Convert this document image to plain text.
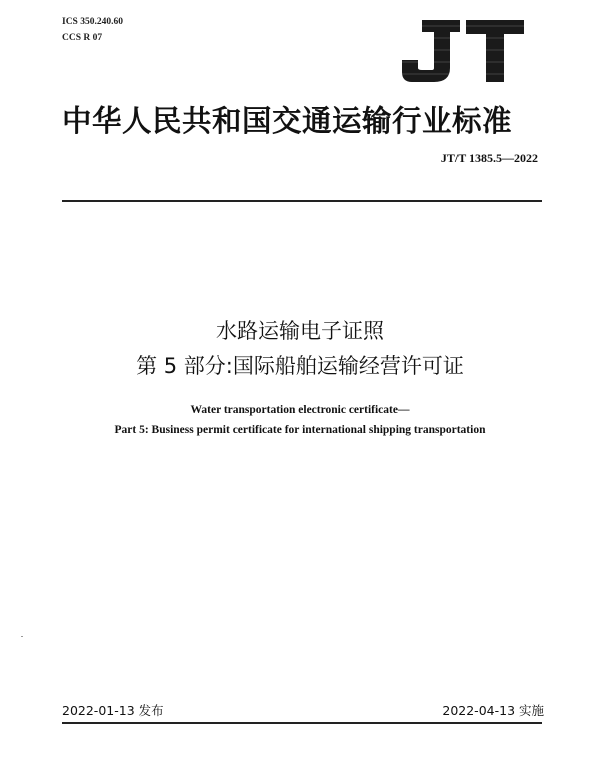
ICS 350.240.60
CCS R 07
中华人民共和国交通运输行业标准
JT/T 1385.5—2022
水路运输电子证照
第 5 部分:国际船舶运输经营许可证
Water transportation electronic certificate—
Part 5: Business permit certificate for international shipping transportation
2022-01-13 发布	2022-04-13 实施
